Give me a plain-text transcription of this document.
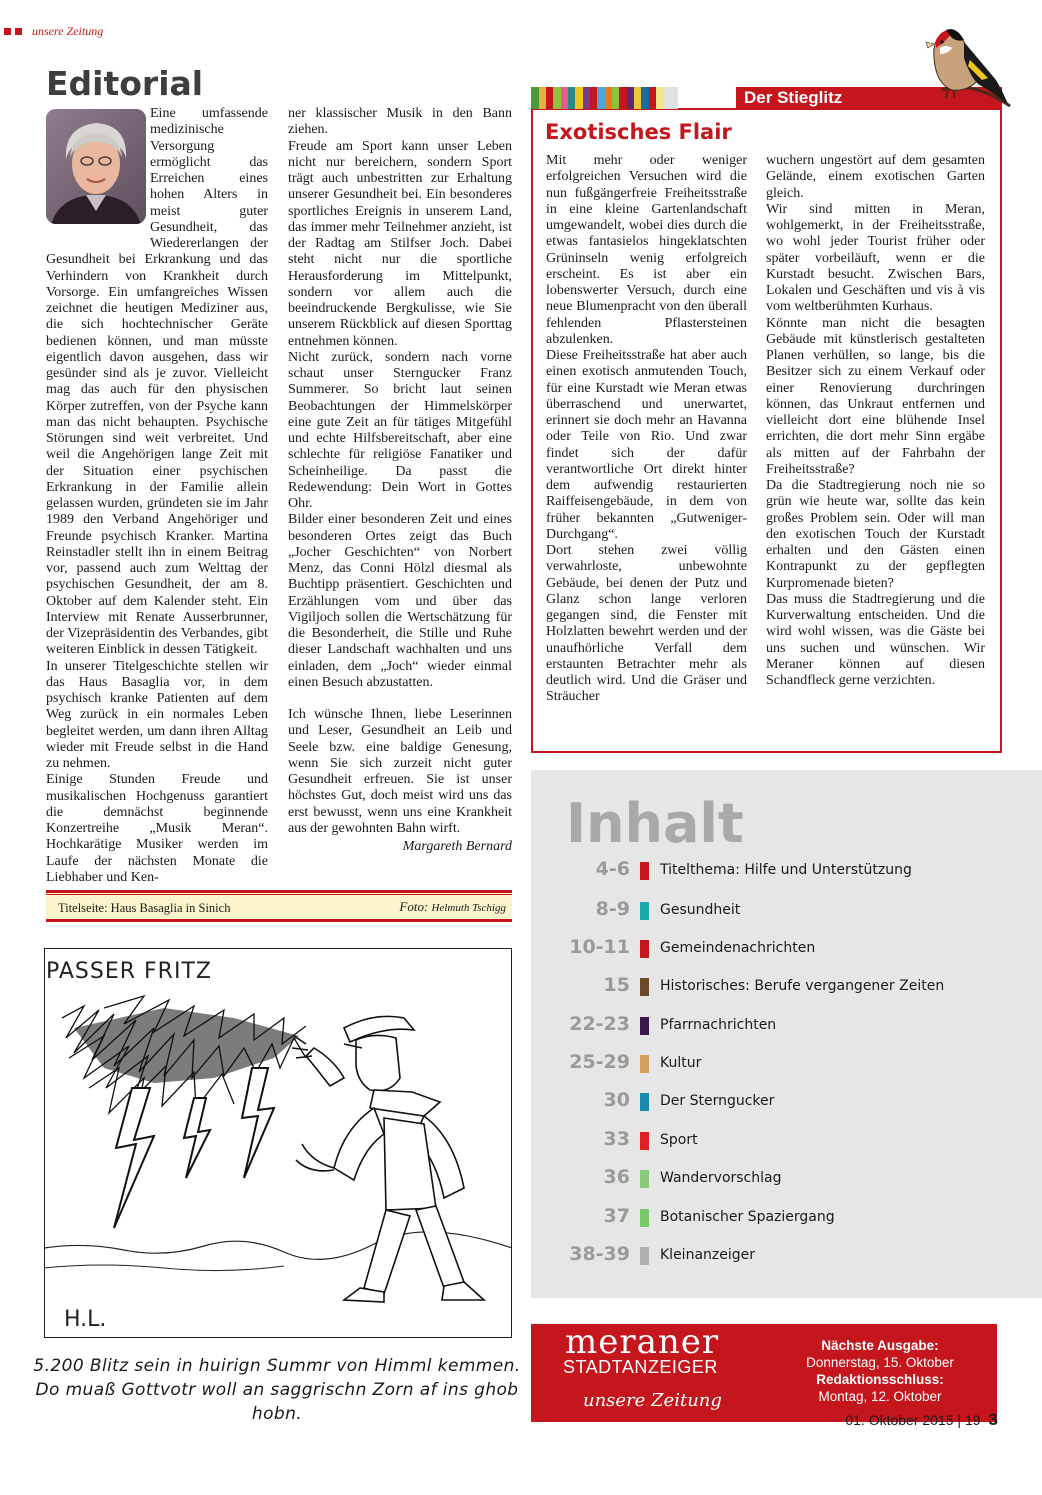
unsere Zeitung
Editorial

Eine umfassende medizinische Versorgung ermöglicht das Erreichen eines hohen Alters in meist guter Gesundheit, das Wiedererlangen der Gesundheit bei Erkrankung und das Verhindern von Krankheit durch Vorsorge. Ein umfangreiches Wissen zeichnet die heutigen Mediziner aus, die sich hochtechnischer Geräte bedienen können, und man müsste eigentlich davon ausgehen, dass wir gesünder sind als je zuvor. Vielleicht mag das auch für den physischen Körper zutreffen, von der Psyche kann man das nicht behaupten. Psychische Störungen sind weit verbreitet. Und weil die Angehörigen lange Zeit mit der Situation einer psychischen Erkrankung in der Familie allein gelassen wurden, gründeten sie im Jahr 1989 den Verband Angehöriger und Freunde psychisch Kranker. Martina Reinstadler stellt ihn in einem Beitrag vor, passend auch zum Welttag der psychischen Gesundheit, der am 8. Oktober auf dem Kalender steht. Ein Interview mit Renate Ausserbrunner, der Vizepräsidentin des Verbandes, gibt weiteren Einblick in dessen Tätigkeit.

In unserer Titelgeschichte stellen wir das Haus Basaglia vor, in dem psychisch kranke Patienten auf dem Weg zurück in ein normales Leben begleitet werden, um dann ihren Alltag wieder mit Freude selbst in die Hand zu nehmen.

Einige Stunden Freude und musikalischen Hochgenuss garantiert die demnächst beginnende Konzertreihe „Musik Meran“. Hochkarätige Musiker werden im Laufe der nächsten Monate die Liebhaber und Ken-

ner klassischer Musik in den Bann ziehen.

Freude am Sport kann unser Leben nicht nur bereichern, sondern Sport trägt auch unbestritten zur Erhaltung unserer Gesundheit bei. Ein besonderes sportliches Ereignis in unserem Land, das immer mehr Teilnehmer anzieht, ist der Radtag am Stilfser Joch. Dabei steht nicht nur die sportliche Herausforderung im Mittelpunkt, sondern vor allem auch die beeindruckende Bergkulisse, wie Sie unserem Rückblick auf diesen Sporttag entnehmen können.

Nicht zurück, sondern nach vorne schaut unser Sterngucker Franz Summerer. So bricht laut seinen Beobachtungen der Himmelskörper eine gute Zeit an für tätiges Mitgefühl und echte Hilfsbereitschaft, aber eine schlechte für religiöse Fanatiker und Scheinheilige. Da passt die Redewendung: Dein Wort in Gottes Ohr.

Bilder einer besonderen Zeit und eines besonderen Ortes zeigt das Buch „Jocher Geschichten“ von Norbert Menz, das Conni Hölzl diesmal als Buchtipp präsentiert. Geschichten und Erzählungen vom und über das Vigiljoch sollen die Wertschätzung für die Besonderheit, die Stille und Ruhe dieser Landschaft wachhalten und uns einladen, dem „Joch“ wieder einmal einen Besuch abzustatten.

Ich wünsche Ihnen, liebe Leserinnen und Leser, Gesundheit an Leib und Seele bzw. eine baldige Genesung, wenn Sie sich zurzeit nicht guter Gesundheit erfreuen. Sie ist unser höchstes Gut, doch meist wird uns das erst bewusst, wenn uns eine Krankheit aus der gewohnten Bahn wirft.

Margareth Bernard

Titelseite: Haus Basaglia in Sinich	Foto: Helmuth Tschigg
PASSER FRITZ
H.L.
5.200 Blitz sein in huirign Summr von Himml kemmen. Do muaß Gottvotr woll an saggrischn Zorn af ins ghob hobn.
Der Stieglitz
Exotisches Flair

Mit mehr oder weniger erfolgreichen Versuchen wird die nun fußgängerfreie Freiheitsstraße in eine kleine Gartenlandschaft umgewandelt, wobei dies durch die etwas fantasielos hingeklatschten Grüninseln wenig erfolgreich erscheint. Es ist aber ein lobenswerter Versuch, durch eine neue Blumenpracht von den überall fehlenden Pflastersteinen abzulenken.

Diese Freiheitsstraße hat aber auch einen exotisch anmutenden Touch, für eine Kurstadt wie Meran etwas überraschend und unerwartet, erinnert sie doch mehr an Havanna oder Teile von Rio. Und zwar findet sich der dafür verantwortliche Ort direkt hinter dem aufwendig restaurierten Raiffeisengebäude, in dem von früher bekannten „Gutweniger-Durchgang“.

Dort stehen zwei völlig verwahrloste, unbewohnte Gebäude, bei denen der Putz und Glanz schon lange verloren gegangen sind, die Fenster mit Holzlatten bewehrt werden und der unaufhörliche Verfall dem erstaunten Betrachter mehr als deutlich wird. Und die Gräser und Sträucher

wuchern ungestört auf dem gesamten Gelände, einem exotischen Garten gleich.

Wir sind mitten in Meran, wohlgemerkt, in der Freiheitsstraße, wo wohl jeder Tourist früher oder später vorbeiläuft, wenn er die Kurstadt besucht. Zwischen Bars, Lokalen und Geschäften und vis à vis vom weltberühmten Kurhaus.

Könnte man nicht die besagten Gebäude mit künstlerisch gestalteten Planen verhüllen, so lange, bis die Besitzer sich zu einem Verkauf oder einer Renovierung durchringen können, das Unkraut entfernen und vielleicht dort eine blühende Insel errichten, die dort mehr Sinn ergäbe als mitten auf der Fahrbahn der Freiheitsstraße?

Da die Stadtregierung noch nie so grün wie heute war, sollte das kein großes Problem sein. Oder will man den exotischen Touch der Kurstadt erhalten und den Gästen einen Kontrapunkt zu der gepflegten Kurpromenade bieten?

Das muss die Stadtregierung und die Kurverwaltung entscheiden. Und die wird wohl wissen, was die Gäste bei uns suchen und wünschen. Wir Meraner können auf diesen Schandfleck gerne verzichten.

Inhalt
4-6 Titelthema: Hilfe und Unterstützung
8-9 Gesundheit
10-11 Gemeindenachrichten
15 Historisches: Berufe vergangener Zeiten
22-23 Pfarrnachrichten
25-29 Kultur
30 Der Sterngucker
33 Sport
36 Wandervorschlag
37 Botanischer Spaziergang
38-39 Kleinanzeiger
meraner
STADTANZEIGER
unsere Zeitung
Nächste Ausgabe:
Donnerstag, 15. Oktober
Redaktionsschluss:
Montag, 12. Oktober
01. Oktober 2015 | 19 3
